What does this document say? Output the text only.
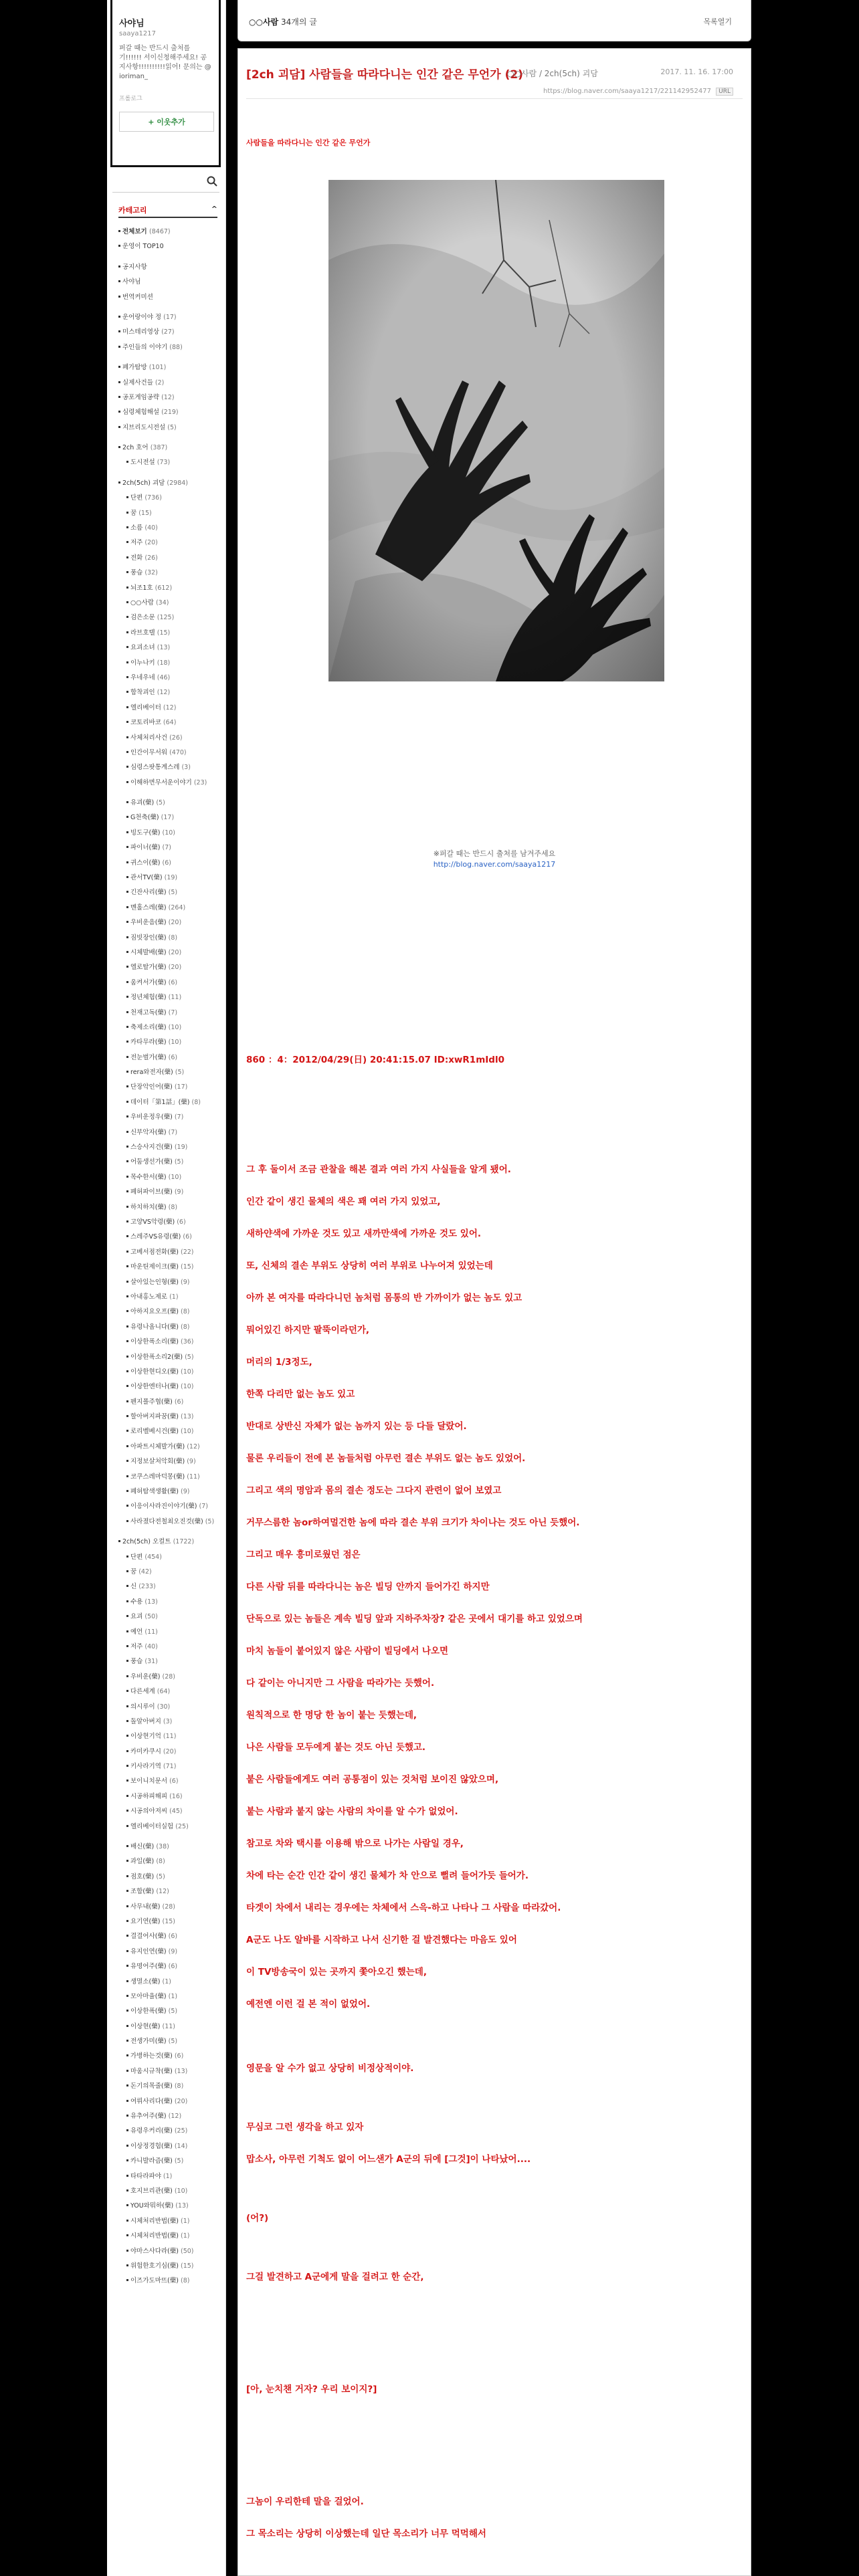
사야님
saaya1217
퍼갈 때는 반드시 출처를 기!!!!!! 서이신청해주세요! 공지사항!!!!!!!!!!읽어! 문의는 @ioriman_
프롤로그
+ 이웃추가
카테고리	^
전체보기 (8467)
운영이 TOP10
공지사항
사야님
번역커미션
운어랑이야 정 (17)
미스테리영상 (27)
주인들의 이야기 (88)
폐가탐방 (101)
실제사건들 (2)
공포게임공략 (12)
심령체험해설 (219)
지브리도시전설 (5)
2ch 호어 (387)
도시전설 (73)
2ch(5ch) 괴담 (2984)
단편 (736)
꿈 (15)
소름 (40)
저주 (20)
전화 (26)
풍습 (32)
뇌조1호 (612)
○○사람 (34)
검은소문 (125)
라브호텔 (15)
요괴소녀 (13)
이누나키 (18)
우네우네 (46)
합착괴인 (12)
엘리베이터 (12)
코토리바코 (64)
사체처리사건 (26)
인간이무서워 (470)
심령스팟통계스레 (3)
이해하면무서운이야기 (23)
유괴(藥) (5)
G천축(藥) (17)
빙도구(藥) (10)
파이너(藥) (7)
귀스이(藥) (6)
관서TV(藥) (19)
긴잔사리(藥) (5)
멘홀스레(藥) (264)
우비운음(藥) (20)
짐빗장인(藥) (8)
시체발배(藥) (20)
엘로탈가(藥) (20)
움켜서가(藥) (6)
정년체험(藥) (11)
천재고독(藥) (7)
축제소리(藥) (10)
카타무라(藥) (10)
전눈벌가(藥) (6)
rera와전자(藥) (5)
단장악인어(藥) (17)
데이터「第1話」(藥) (8)
우비운정우(藥) (7)
신부악자(藥) (7)
스승사지건(藥) (19)
어둠생선가(藥) (5)
목수한서(藥) (10)
폐허파이브(藥) (9)
하치하치(藥) (8)
고양VS악령(藥) (6)
스레주VS유령(藥) (6)
고베서점전화(藥) (22)
마운틴제이크(藥) (15)
살아있는인형(藥) (9)
아내홍노제로 (1)
아하지요오프(藥) (8)
유령나옵니다(藥) (8)
이상한폭소리(藥) (36)
이상한폭소리2(藥) (5)
이상한현디오(藥) (10)
이상한엔터나(藥) (10)
펜지폴주협(藥) (6)
할아버지파꿈(藥) (13)
로리벨베시건(藥) (10)
아파트시체발가(藥) (12)
지정보살처악회(藥) (9)
코쿠스레마덕몽(藥) (11)
폐허탐색생활(藥) (9)
이응이사라진이야기(藥) (7)
사라졌다전철최오진것(藥) (5)
2ch(5ch) 오컬트 (1722)
단편 (454)
꿈 (42)
신 (233)
수용 (13)
요괴 (50)
예언 (11)
저주 (40)
풍습 (31)
우비운(藥) (28)
다른세계 (64)
의시루이 (30)
돌알아버지 (3)
이상현기억 (11)
카미카쿠시 (20)
키사라기역 (71)
보이니치문서 (6)
시공하피해피 (16)
시공의아저씨 (45)
엘리베이터실험 (25)
배신(藥) (38)
과일(藥) (8)
점호(藥) (5)
조합(藥) (12)
사무내(藥) (28)
요기연(藥) (15)
결결어사(藥) (6)
유지인연(藥) (9)
유명어주(藥) (6)
생멸소(藥) (1)
모아마율(藥) (1)
이상한폭(藥) (5)
이상현(藥) (11)
전생가미(藥) (5)
가병하는것(藥) (6)
마움시규착(藥) (13)
돈기의목줄(藥) (8)
여뤼사리다(藥) (20)
유추어주(藥) (12)
유령우커리(藥) (25)
이상정경험(藥) (14)
카니발라즘(藥) (5)
타타라파야 (1)
호지브리관(藥) (10)
YOU와뭐하(藥) (13)
시체처리반법(藥) (1)
시체처리반법(藥) (1)
야마스사다라(藥) (50)
위험한호기심(藥) (15)
이즈가도마뜨(藥) (8)
○○사람 34개의 글	목록열기
[2ch 괴담] 사람들을 따라다니는 인간 같은 무언가 (2)
○○사람 / 2ch(5ch) 괴담	2017. 11. 16. 17:00
https://blog.naver.com/saaya1217/221142952477 URL
사람들을 따라다니는 인간 같은 무언가
※퍼갈 때는 반드시 출처를 남겨주세요
http://blog.naver.com/saaya1217
860 ：4：2012/04/29(日) 20:41:15.07 ID:xwR1mIdl0
그 후 둘이서 조금 관찰을 해본 결과 여러 가지 사실들을 알게 됐어.
인간 같이 생긴 물체의 색은 꽤 여러 가지 있었고,
새하얀색에 가까운 것도 있고 새까만색에 가까운 것도 있어.
또, 신체의 결손 부위도 상당히 여러 부위로 나누어져 있었는데
아까 본 여자를 따라다니던 놈처럼 몸통의 반 가까이가 없는 놈도 있고
뭐어있긴 하지만 팔뚝이라던가,
머리의 1/3정도,
한쪽 다리만 없는 놈도 있고
반대로 상반신 자체가 없는 놈까지 있는 등 다들 달랐어.
물론 우리들이 전에 본 놈들처럼 아무런 결손 부위도 없는 놈도 있었어.
그리고 색의 명암과 몸의 결손 정도는 그다지 관련이 없어 보였고
거무스름한 놈or하여멀건한 놈에 따라 결손 부위 크기가 차이나는 것도 아닌 듯했어.
그리고 매우 흥미로웠던 점은
다른 사람 뒤를 따라다니는 놈은 빌딩 안까지 들어가긴 하지만
단독으로 있는 놈들은 계속 빌딩 앞과 지하주차장? 같은 곳에서 대기를 하고 있었으며
마치 놈들이 붙어있지 않은 사람이 빌딩에서 나오면
다 같이는 아니지만 그 사람을 따라가는 듯했어.
원칙적으로 한 명당 한 놈이 붙는 듯했는데,
나은 사람들 모두에게 붙는 것도 아닌 듯했고.
붙은 사람들에게도 여러 공통점이 있는 것처럼 보이진 않았으며,
붙는 사람과 붙지 않는 사람의 차이를 알 수가 없었어.
참고로 차와 택시를 이용해 밖으로 나가는 사람일 경우,
차에 타는 순간 인간 같이 생긴 물체가 차 안으로 뻘려 들어가듯 들어가.
타겟이 차에서 내리는 경우에는 차체에서 스윽-하고 나타나 그 사람을 따라갔어.
A군도 나도 알바를 시작하고 나서 신기한 걸 발견했다는 마음도 있어
이 TV방송국이 있는 곳까지 쫓아오긴 했는데,
예전엔 이런 걸 본 적이 없었어.
영문을 알 수가 없고 상당히 비정상적이야.
무심코 그런 생각을 하고 있자
맙소사, 아무런 기척도 없이 어느샌가 A군의 뒤에 [그것]이 나타났어....
(어?)
그걸 발견하고 A군에게 말을 걸려고 한 순간,
[아, 눈치챈 거자? 우리 보이지?]
그놈이 우리한테 말을 걸었어.
그 목소리는 상당히 이상했는데 일단 목소리가 너무 먹먹해서
